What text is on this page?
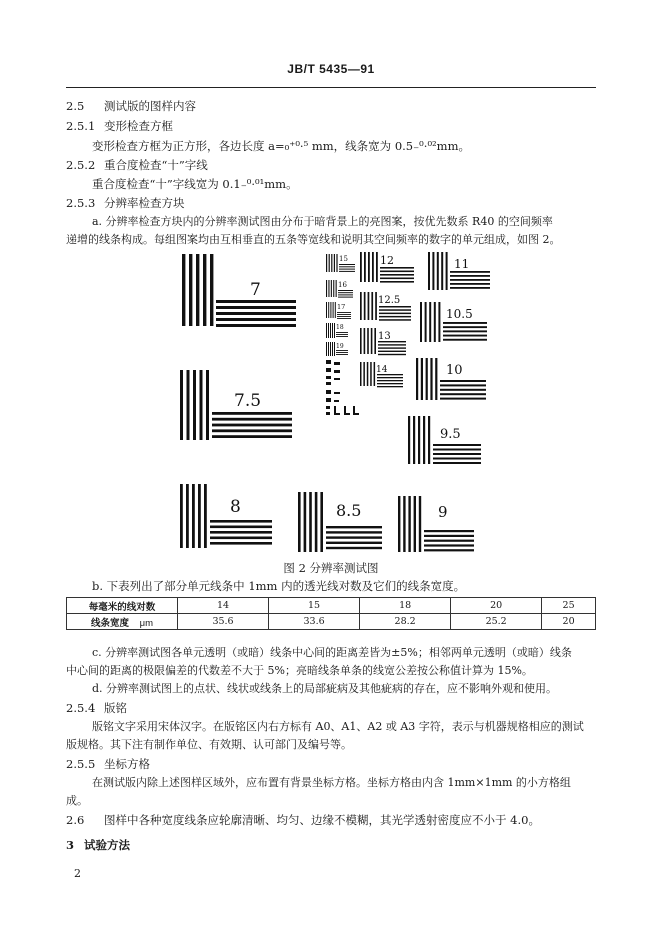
JB/T 5435—91
2.5 测试版的图样内容
2.5.1 变形检查方框
变形检查方框为正方形，各边长度 a=₀⁺⁰·⁵ mm，线条宽为 0.5₋⁰·⁰²mm。
2.5.2 重合度检查“十”字线
重合度检查“十”字线宽为 0.1₋⁰·⁰¹mm。
2.5.3 分辨率检查方块
a. 分辨率检查方块内的分辨率测试图由分布于暗背景上的亮图案，按优先数系 R40 的空间频率
递增的线条构成。每组图案均由互相垂直的五条等宽线和说明其空间频率的数字的单元组成，如图 2。
7
7.5
8	8.5	9
9.5
10
10.5
11
12
12.5
13
14
15
16
17
18
19
图 2 分辨率测试图
b. 下表列出了部分单元线条中 1mm 内的透光线对数及它们的线条宽度。
每毫米的线对数	14	15	18	20	25
线条宽度 μm	35.6	33.6	28.2	25.2	20
c. 分辨率测试图各单元透明（或暗）线条中心间的距离差皆为±5%；相邻两单元透明（或暗）线条
中心间的距离的极限偏差的代数差不大于 5%；亮暗线条单条的线宽公差按公称值计算为 15%。
d. 分辨率测试图上的点状、线状或线条上的局部疵病及其他疵病的存在，应不影响外观和使用。
2.5.4 版铭
版铭文字采用宋体汉字。在版铭区内右方标有 A0、A1、A2 或 A3 字符，表示与机器规格相应的测试
版规格。其下注有制作单位、有效期、认可部门及编号等。
2.5.5 坐标方格
在测试版内除上述图样区域外，应布置有背景坐标方格。坐标方格由内含 1mm×1mm 的小方格组
成。
2.6 图样中各种宽度线条应轮廓清晰、均匀、边缘不模糊，其光学透射密度应不小于 4.0。
3 试验方法
2
